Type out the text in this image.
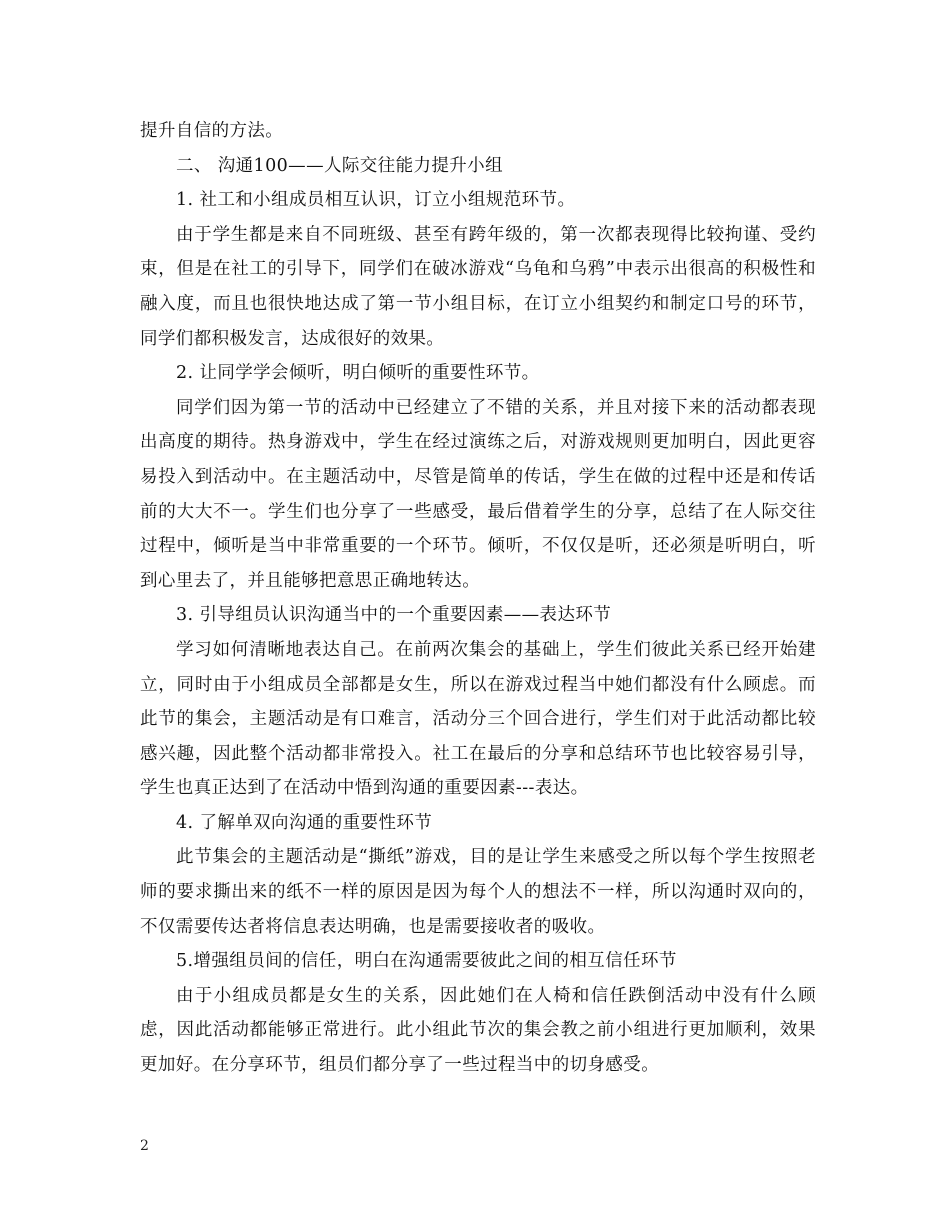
提升自信的方法。

二、 沟通100——人际交往能力提升小组

1. 社工和小组成员相互认识，订立小组规范环节。

由于学生都是来自不同班级、甚至有跨年级的，第一次都表现得比较拘谨、受约束，但是在社工的引导下，同学们在破冰游戏“乌龟和乌鸦”中表示出很高的积极性和融入度，而且也很快地达成了第一节小组目标，在订立小组契约和制定口号的环节，同学们都积极发言，达成很好的效果。

2. 让同学学会倾听，明白倾听的重要性环节。

同学们因为第一节的活动中已经建立了不错的关系，并且对接下来的活动都表现出高度的期待。热身游戏中，学生在经过演练之后，对游戏规则更加明白，因此更容易投入到活动中。在主题活动中，尽管是简单的传话，学生在做的过程中还是和传话前的大大不一。学生们也分享了一些感受，最后借着学生的分享，总结了在人际交往过程中，倾听是当中非常重要的一个环节。倾听，不仅仅是听，还必须是听明白，听到心里去了，并且能够把意思正确地转达。

3. 引导组员认识沟通当中的一个重要因素——表达环节

学习如何清晰地表达自己。在前两次集会的基础上，学生们彼此关系已经开始建立，同时由于小组成员全部都是女生，所以在游戏过程当中她们都没有什么顾虑。而此节的集会，主题活动是有口难言，活动分三个回合进行，学生们对于此活动都比较感兴趣，因此整个活动都非常投入。社工在最后的分享和总结环节也比较容易引导，学生也真正达到了在活动中悟到沟通的重要因素---表达。

4. 了解单双向沟通的重要性环节

此节集会的主题活动是“撕纸”游戏，目的是让学生来感受之所以每个学生按照老师的要求撕出来的纸不一样的原因是因为每个人的想法不一样，所以沟通时双向的，不仅需要传达者将信息表达明确，也是需要接收者的吸收。

5.增强组员间的信任，明白在沟通需要彼此之间的相互信任环节

由于小组成员都是女生的关系，因此她们在人椅和信任跌倒活动中没有什么顾虑，因此活动都能够正常进行。此小组此节次的集会教之前小组进行更加顺利，效果更加好。在分享环节，组员们都分享了一些过程当中的切身感受。

2
